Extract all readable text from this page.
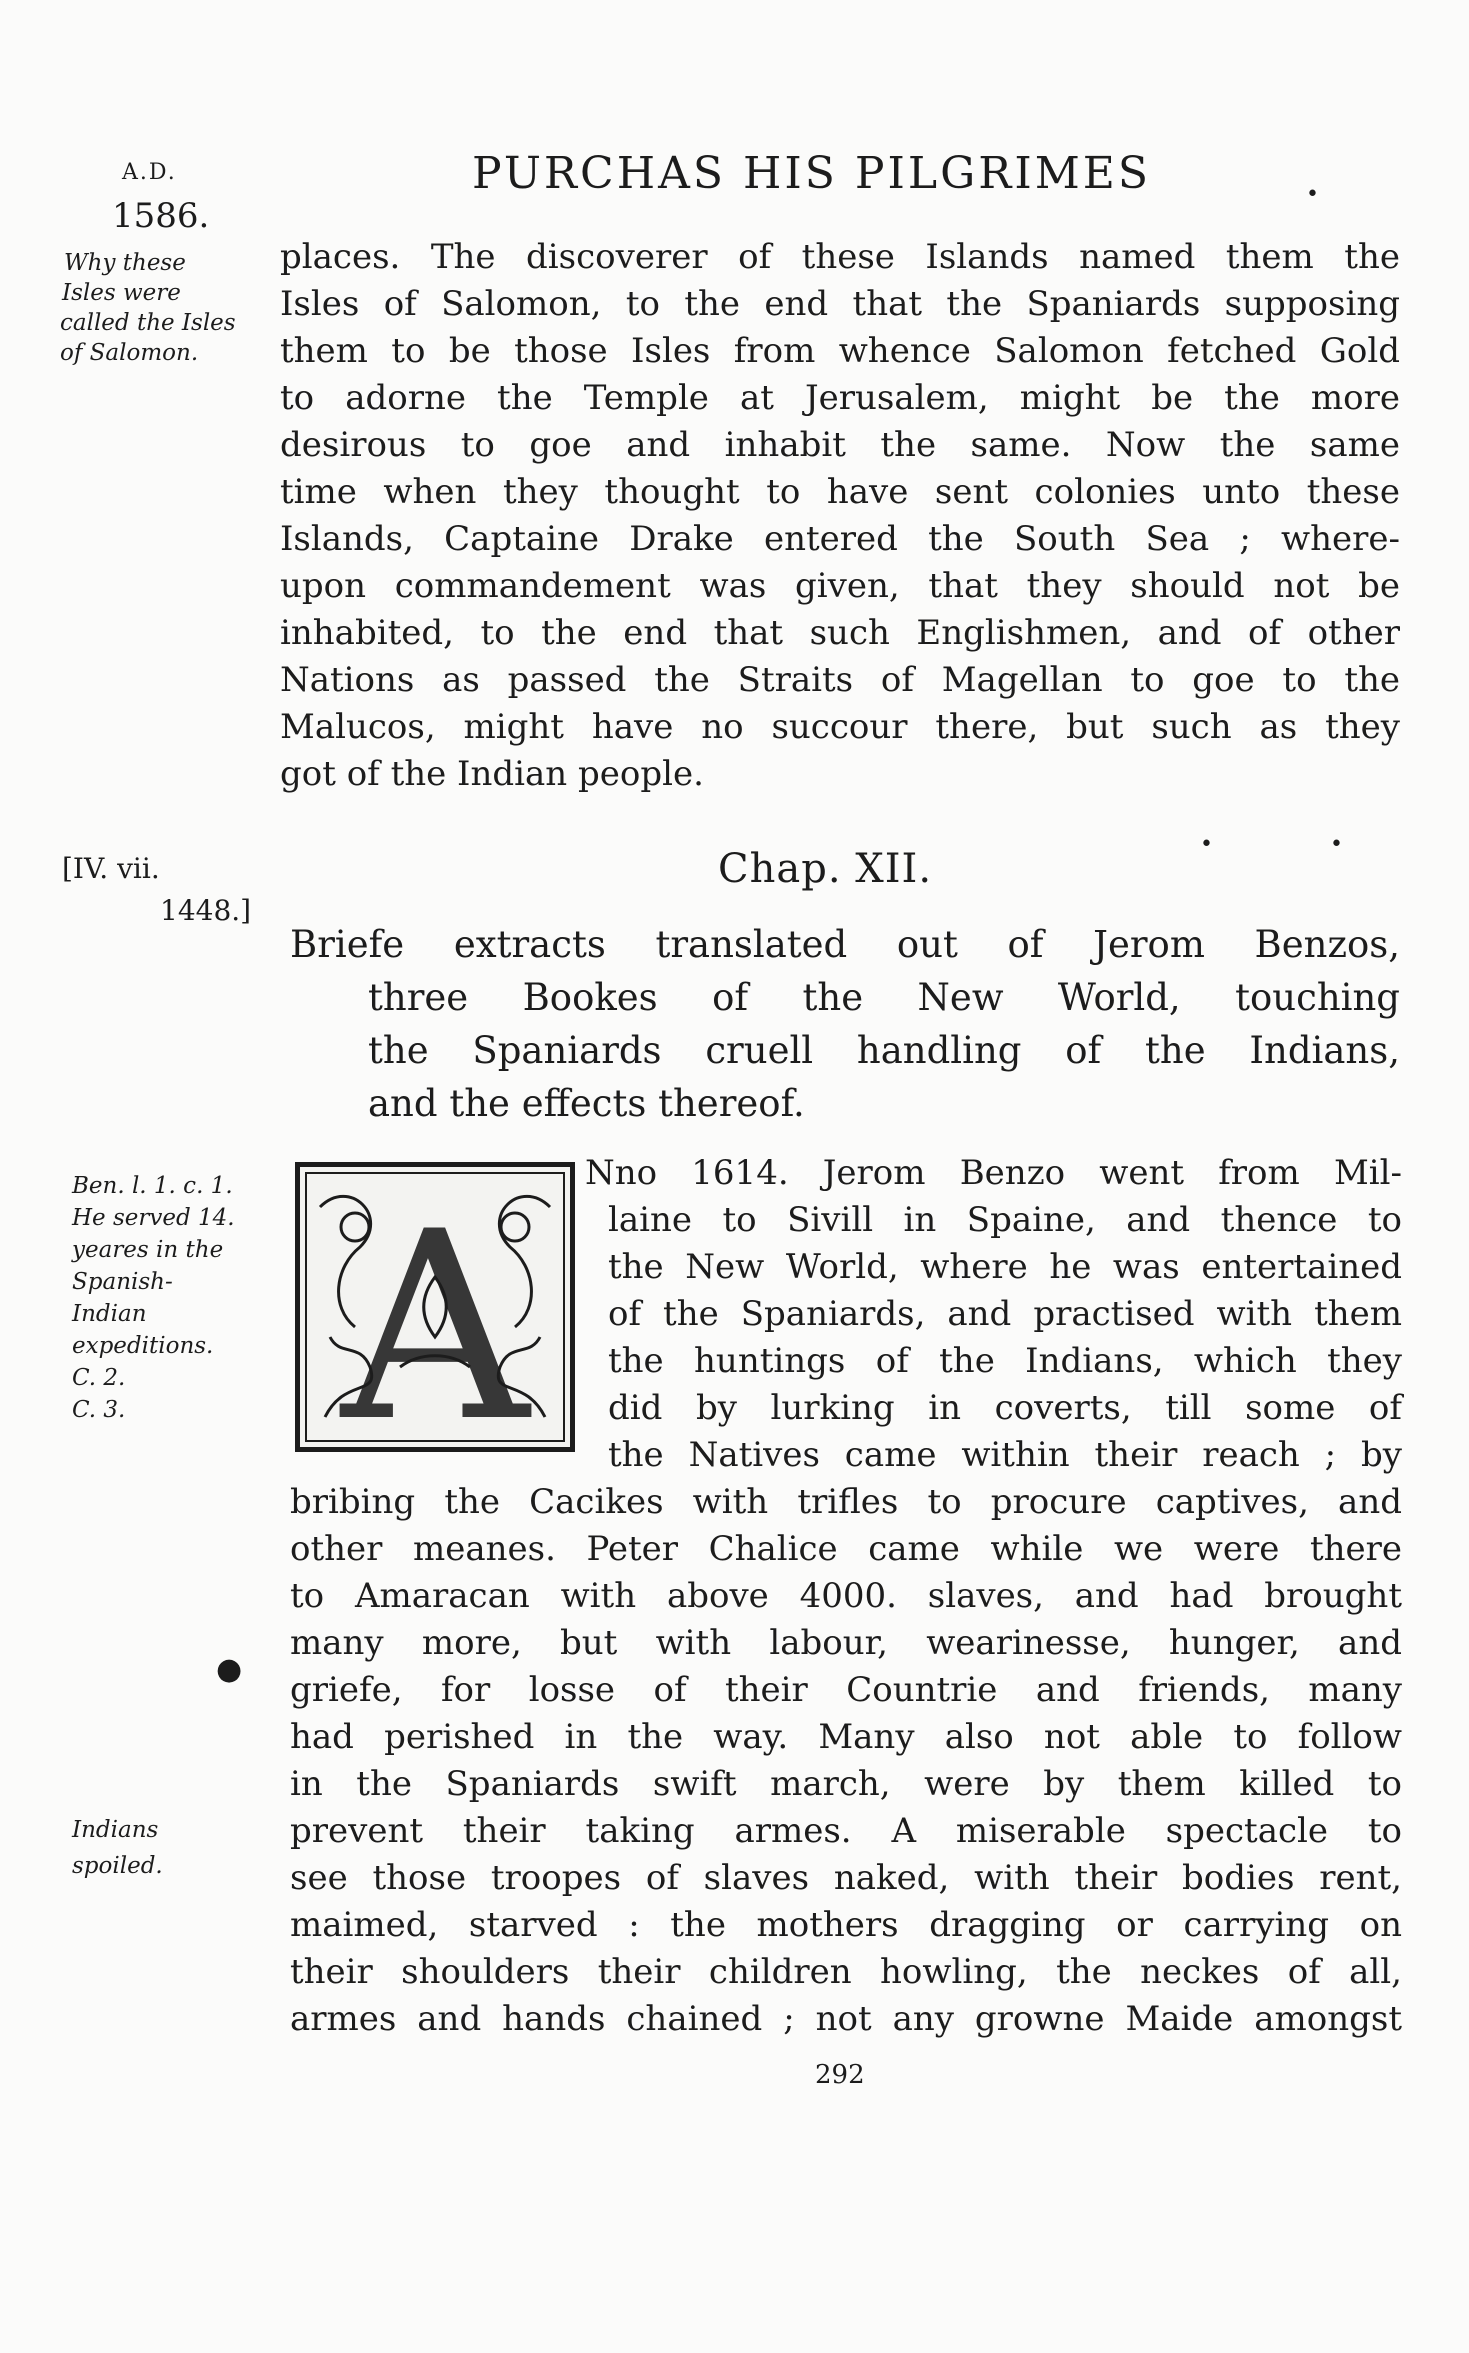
A.D.
1586.
PURCHAS HIS PILGRIMES	•
Why these
Isles were
called the Isles
of Salomon.
places. The discoverer of these Islands named them the
Isles of Salomon, to the end that the Spaniards supposing
them to be those Isles from whence Salomon fetched Gold
to adorne the Temple at Jerusalem, might be the more
desirous to goe and inhabit the same. Now the same
time when they thought to have sent colonies unto these
Islands, Captaine Drake entered the South Sea ; where-
upon commandement was given, that they should not be
inhabited, to the end that such Englishmen, and of other
Nations as passed the Straits of Magellan to goe to the
Malucos, might have no succour there, but such as they
got of the Indian people.
[IV. vii.
1448.]
Chap. XII.
•	•
Briefe extracts translated out of Jerom Benzos,
three Bookes of the New World, touching
the Spaniards cruell handling of the Indians,
and the effects thereof.
Ben. l. 1. c. 1.
He served 14.
yeares in the
Spanish-
Indian
expeditions.
C. 2.
C. 3. A
Nno 1614. Jerom Benzo went from Mil-
laine to Sivill in Spaine, and thence to
the New World, where he was entertained
of the Spaniards, and practised with them
the huntings of the Indians, which they
did by lurking in coverts, till some of
the Natives came within their reach ; by
bribing the Cacikes with trifles to procure captives, and
other meanes. Peter Chalice came while we were there
to Amaracan with above 4000. slaves, and had brought
many more, but with labour, wearinesse, hunger, and
griefe, for losse of their Countrie and friends, many
had perished in the way. Many also not able to follow
in the Spaniards swift march, were by them killed to
prevent their taking armes. A miserable spectacle to
see those troopes of slaves naked, with their bodies rent,
maimed, starved : the mothers dragging or carrying on
their shoulders their children howling, the neckes of all,
armes and hands chained ; not any growne Maide amongst
●
Indians
spoiled.
292
